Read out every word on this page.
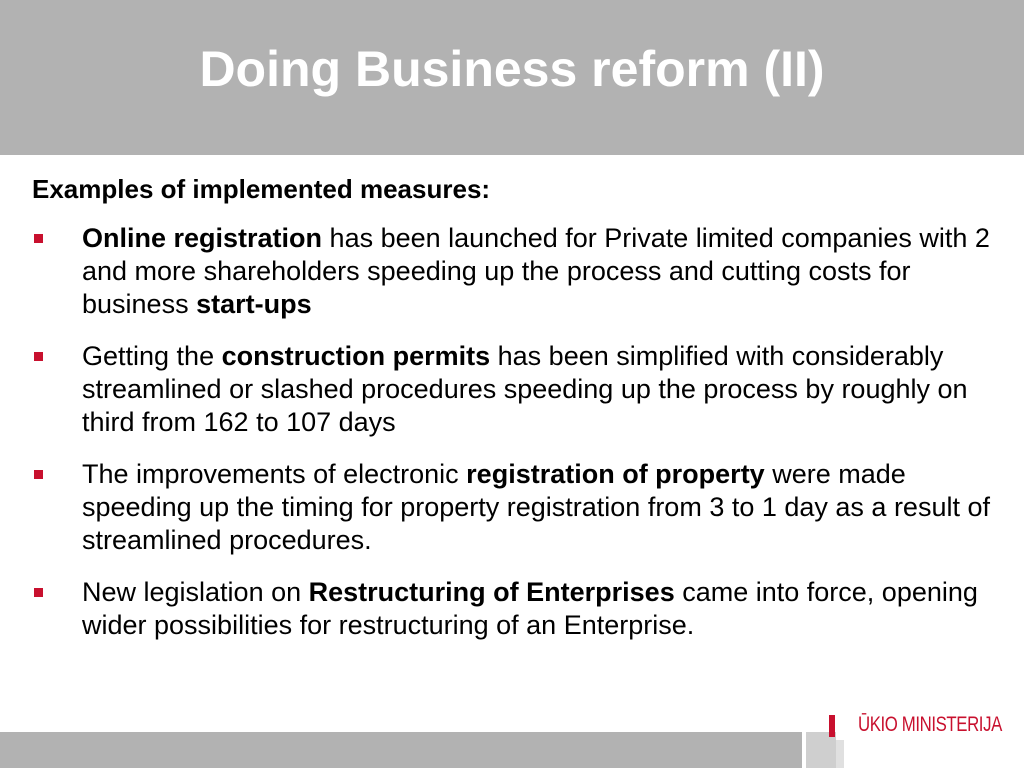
Doing Business reform (II)
Examples of implemented measures:
Online registration has been launched for Private limited companies with 2 and more shareholders speeding up the process and cutting costs for business start-ups
Getting the construction permits has been simplified with considerably streamlined or slashed procedures speeding up the process by roughly on third from 162 to 107 days
The improvements of electronic registration of property were made speeding up the timing for property registration from 3 to 1 day as a result of streamlined procedures.
New legislation on Restructuring of Enterprises came into force, opening wider possibilities for restructuring of an Enterprise.
ŪKIO MINISTERIJA
